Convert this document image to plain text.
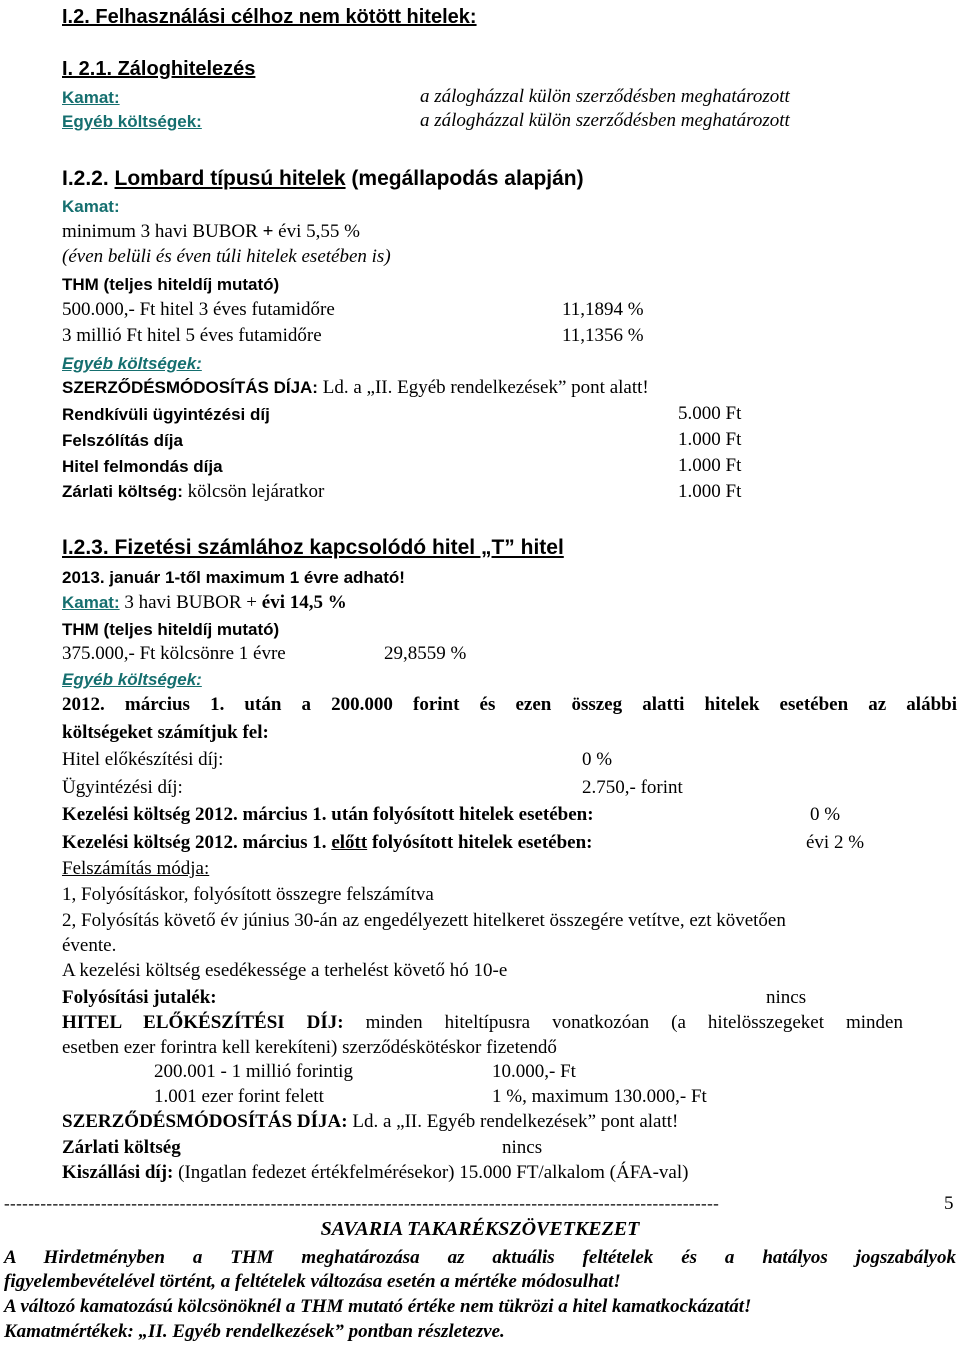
I.2. Felhasználási célhoz nem kötött hitelek:
I. 2.1. Záloghitelezés
Kamat:	a zálogházzal külön szerződésben meghatározott
Egyéb költségek:	a zálogházzal külön szerződésben meghatározott
I.2.2. Lombard típusú hitelek (megállapodás alapján)
Kamat:
minimum 3 havi BUBOR + évi 5,55 %
(éven belüli és éven túli hitelek esetében is)
THM (teljes hiteldíj mutató)
500.000,- Ft hitel 3 éves futamidőre	11,1894 %
3 millió Ft hitel 5 éves futamidőre	11,1356 %
Egyéb költségek:
SZERZŐDÉSMÓDOSÍTÁS DÍJA: Ld. a „II. Egyéb rendelkezések” pont alatt!
Rendkívüli ügyintézési díj	5.000 Ft
Felszólítás díja	1.000 Ft
Hitel felmondás díja	1.000 Ft
Zárlati költség: kölcsön lejáratkor	1.000 Ft
I.2.3. Fizetési számlához kapcsolódó hitel „T” hitel
2013. január 1-től maximum 1 évre adható!
Kamat: 3 havi BUBOR + évi 14,5 %
THM (teljes hiteldíj mutató)
375.000,- Ft kölcsönre 1 évre	29,8559 %
Egyéb költségek:
2012. március 1. után a 200.000 forint és ezen összeg alatti hitelek esetében az alábbi
költségeket számítjuk fel:
Hitel előkészítési díj:	0 %
Ügyintézési díj:	2.750,- forint
Kezelési költség 2012. március 1. után folyósított hitelek esetében:	0 %
Kezelési költség 2012. március 1. előtt folyósított hitelek esetében:	évi 2 %
Felszámítás módja:
1, Folyósításkor, folyósított összegre felszámítva
2, Folyósítás követő év június 30-án az engedélyezett hitelkeret összegére vetítve, ezt követően
évente.
A kezelési költség esedékessége a terhelést követő hó 10-e
Folyósítási jutalék:	nincs
HITEL ELŐKÉSZÍTÉSI DÍJ: minden hiteltípusra vonatkozóan (a hitelösszegeket minden
esetben ezer forintra kell kerekíteni) szerződéskötéskor fizetendő
200.001 - 1 millió forintig	10.000,- Ft
1.001 ezer forint felett	1 %, maximum 130.000,- Ft
SZERZŐDÉSMÓDOSÍTÁS DÍJA: Ld. a „II. Egyéb rendelkezések” pont alatt!
Zárlati költség	nincs
Kiszállási díj: (Ingatlan fedezet értékfelmérésekor) 15.000 FT/alkalom (ÁFA-val)
----------------------------------------------------------------------------------------------------------------------	5
SAVARIA TAKARÉKSZÖVETKEZET
A Hirdetményben a THM meghatározása az aktuális feltételek és a hatályos jogszabályok
figyelembevételével történt, a feltételek változása esetén a mértéke módosulhat!
A változó kamatozású kölcsönöknél a THM mutató értéke nem tükrözi a hitel kamatkockázatát!
Kamatmértékek: „II. Egyéb rendelkezések” pontban részletezve.
